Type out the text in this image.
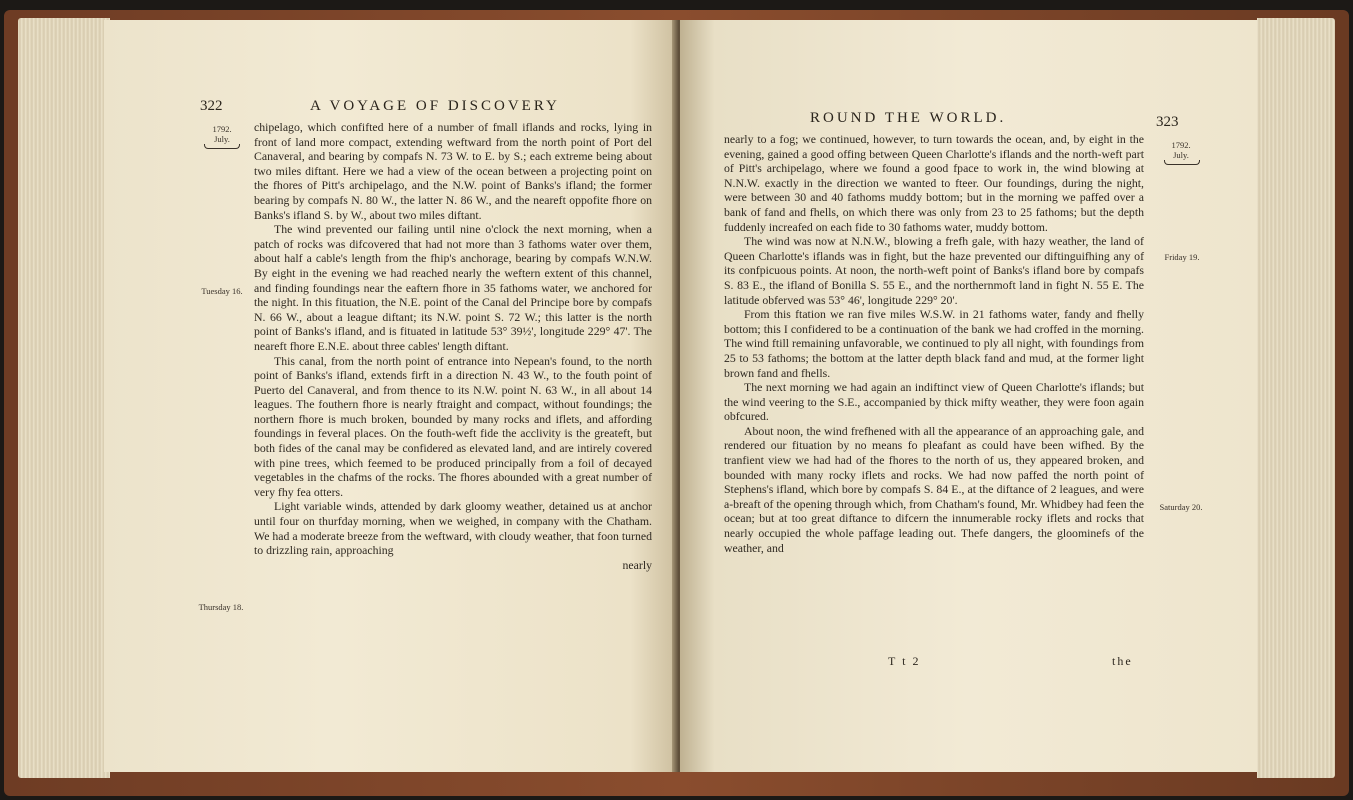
322	A VOYAGE OF DISCOVERY
1792.
July.
Tuesday 16.
Thursday 18.

chipelago, which confifted here of a number of fmall iflands and rocks, lying in front of land more compact, extending weftward from the north point of Port del Canaveral, and bearing by compafs N. 73 W. to E. by S.; each extreme being about two miles diftant. Here we had a view of the ocean between a projecting point on the fhores of Pitt's archipelago, and the N.W. point of Banks's ifland; the former bearing by compafs N. 80 W., the latter N. 86 W., and the neareft oppofite fhore on Banks's ifland S. by W., about two miles diftant.

The wind prevented our failing until nine o'clock the next morning, when a patch of rocks was difcovered that had not more than 3 fathoms water over them, about half a cable's length from the fhip's anchorage, bearing by compafs W.N.W. By eight in the evening we had reached nearly the weftern extent of this channel, and finding foundings near the eaftern fhore in 35 fathoms water, we anchored for the night. In this fituation, the N.E. point of the Canal del Principe bore by compafs N. 66 W., about a league diftant; its N.W. point S. 72 W.; this latter is the north point of Banks's ifland, and is fituated in latitude 53° 39½', longitude 229° 47'. The neareft fhore E.N.E. about three cables' length diftant.

This canal, from the north point of entrance into Nepean's found, to the north point of Banks's ifland, extends firft in a direction N. 43 W., to the fouth point of Puerto del Canaveral, and from thence to its N.W. point N. 63 W., in all about 14 leagues. The fouthern fhore is nearly ftraight and compact, without foundings; the northern fhore is much broken, bounded by many rocks and iflets, and affording foundings in feveral places. On the fouth-weft fide the acclivity is the greateft, but both fides of the canal may be confidered as elevated land, and are intirely covered with pine trees, which feemed to be produced principally from a foil of decayed vegetables in the chafms of the rocks. The fhores abounded with a great number of very fhy fea otters.

Light variable winds, attended by dark gloomy weather, detained us at anchor until four on thurfday morning, when we weighed, in company with the Chatham. We had a moderate breeze from the weftward, with cloudy weather, that foon turned to drizzling rain, approaching

nearly

ROUND THE WORLD.	323
1792.
July.
Friday 19.
Saturday 20.

nearly to a fog; we continued, however, to turn towards the ocean, and, by eight in the evening, gained a good offing between Queen Charlotte's iflands and the north-weft part of Pitt's archipelago, where we found a good fpace to work in, the wind blowing at N.N.W. exactly in the direction we wanted to fteer. Our foundings, during the night, were between 30 and 40 fathoms muddy bottom; but in the morning we paffed over a bank of fand and fhells, on which there was only from 23 to 25 fathoms; but the depth fuddenly increafed on each fide to 30 fathoms water, muddy bottom.

The wind was now at N.N.W., blowing a frefh gale, with hazy weather, the land of Queen Charlotte's iflands was in fight, but the haze prevented our diftinguifhing any of its confpicuous points. At noon, the north-weft point of Banks's ifland bore by compafs S. 83 E., the ifland of Bonilla S. 55 E., and the northernmoft land in fight N. 55 E. The latitude obferved was 53° 46', longitude 229° 20'.

From this ftation we ran five miles W.S.W. in 21 fathoms water, fandy and fhelly bottom; this I confidered to be a continuation of the bank we had croffed in the morning. The wind ftill remaining unfavorable, we continued to ply all night, with foundings from 25 to 53 fathoms; the bottom at the latter depth black fand and mud, at the former light brown fand and fhells.

The next morning we had again an indiftinct view of Queen Charlotte's iflands; but the wind veering to the S.E., accompanied by thick mifty weather, they were foon again obfcured.

About noon, the wind frefhened with all the appearance of an approaching gale, and rendered our fituation by no means fo pleafant as could have been wifhed. By the tranfient view we had had of the fhores to the north of us, they appeared broken, and bounded with many rocky iflets and rocks. We had now paffed the north point of Stephens's ifland, which bore by compafs S. 84 E., at the diftance of 2 leagues, and were a-breaft of the opening through which, from Chatham's found, Mr. Whidbey had feen the ocean; but at too great diftance to difcern the innumerable rocky iflets and rocks that nearly occupied the whole paffage leading out. Thefe dangers, the gloominefs of the weather, and

T t 2	the
